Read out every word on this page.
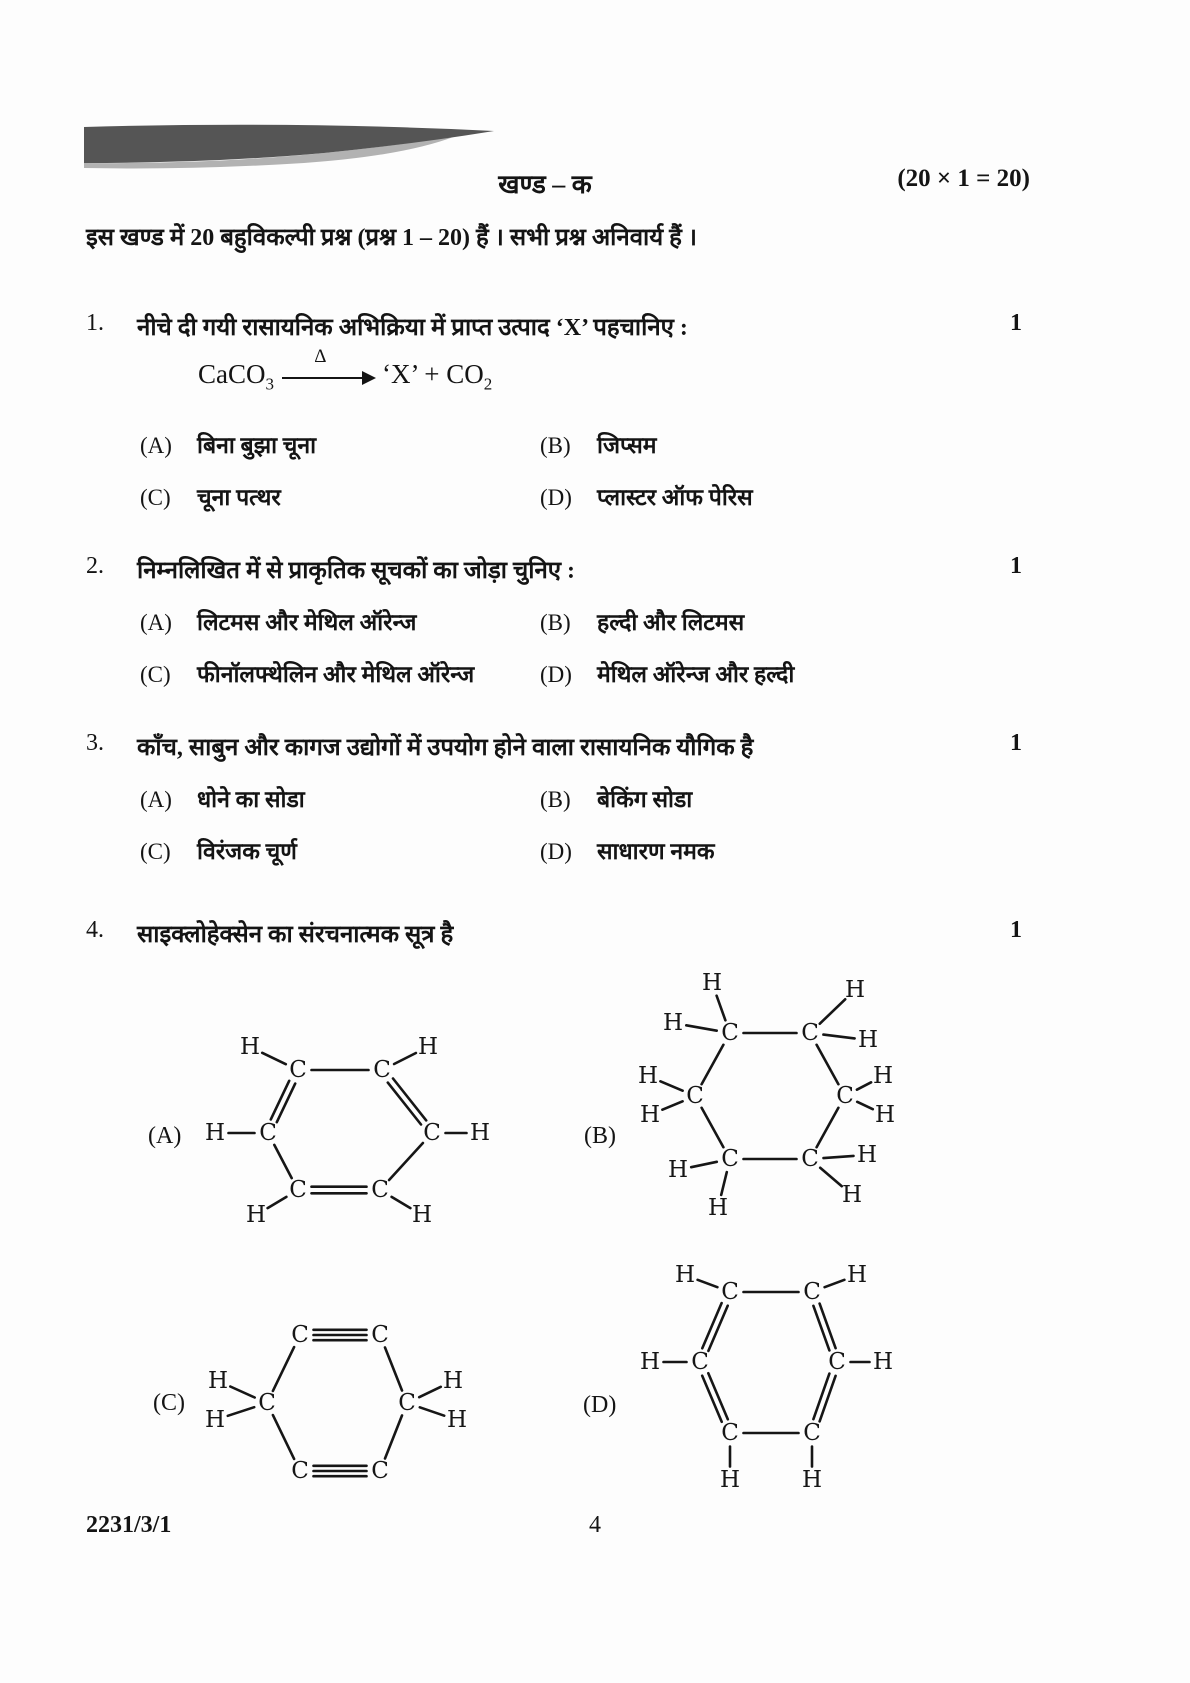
खण्ड – क	(20 × 1 = 20)
इस खण्ड में 20 बहुविकल्पी प्रश्न (प्रश्न 1 – 20) हैं । सभी प्रश्न अनिवार्य हैं ।
1.	नीचे दी गयी रासायनिक अभिक्रिया में प्राप्त उत्पाद ‘X’ पहचानिए :	1
CaCO$_3$
Δ
‘X’ + $CO_2$
(A) बिना बुझा चूना	(B) जिप्सम
(C) चूना पत्थर	(D) प्लास्टर ऑफ पेरिस
2.	निम्नलिखित में से प्राकृतिक सूचकों का जोड़ा चुनिए :	1
(A) लिटमस और मेथिल ऑरेन्ज	(B) हल्दी और लिटमस
(C) फीनॉलफ्थेलिन और मेथिल ऑरेन्ज	(D) मेथिल ऑरेन्ज और हल्दी
3.	काँच, साबुन और कागज उद्योगों में उपयोग होने वाला रासायनिक यौगिक है	1
(A) धोने का सोडा	(B) बेकिंग सोडा
(C) विरंजक चूर्ण	(D) साधारण नमक
4.	साइक्लोहेक्सेन का संरचनात्मक सूत्र है	1
(A)
C	C
C
C
C
C
H	H
H	H
H	H
(B)
C	C
C
C
C
C
H
H
H
H
H
H
H
H
H
H
H
H
(C)
C	C
C
C
C
C
H
H
H
H
(D)
C	C
C
C
C
C
H	H
H	H
H	H
2231/3/1	4
